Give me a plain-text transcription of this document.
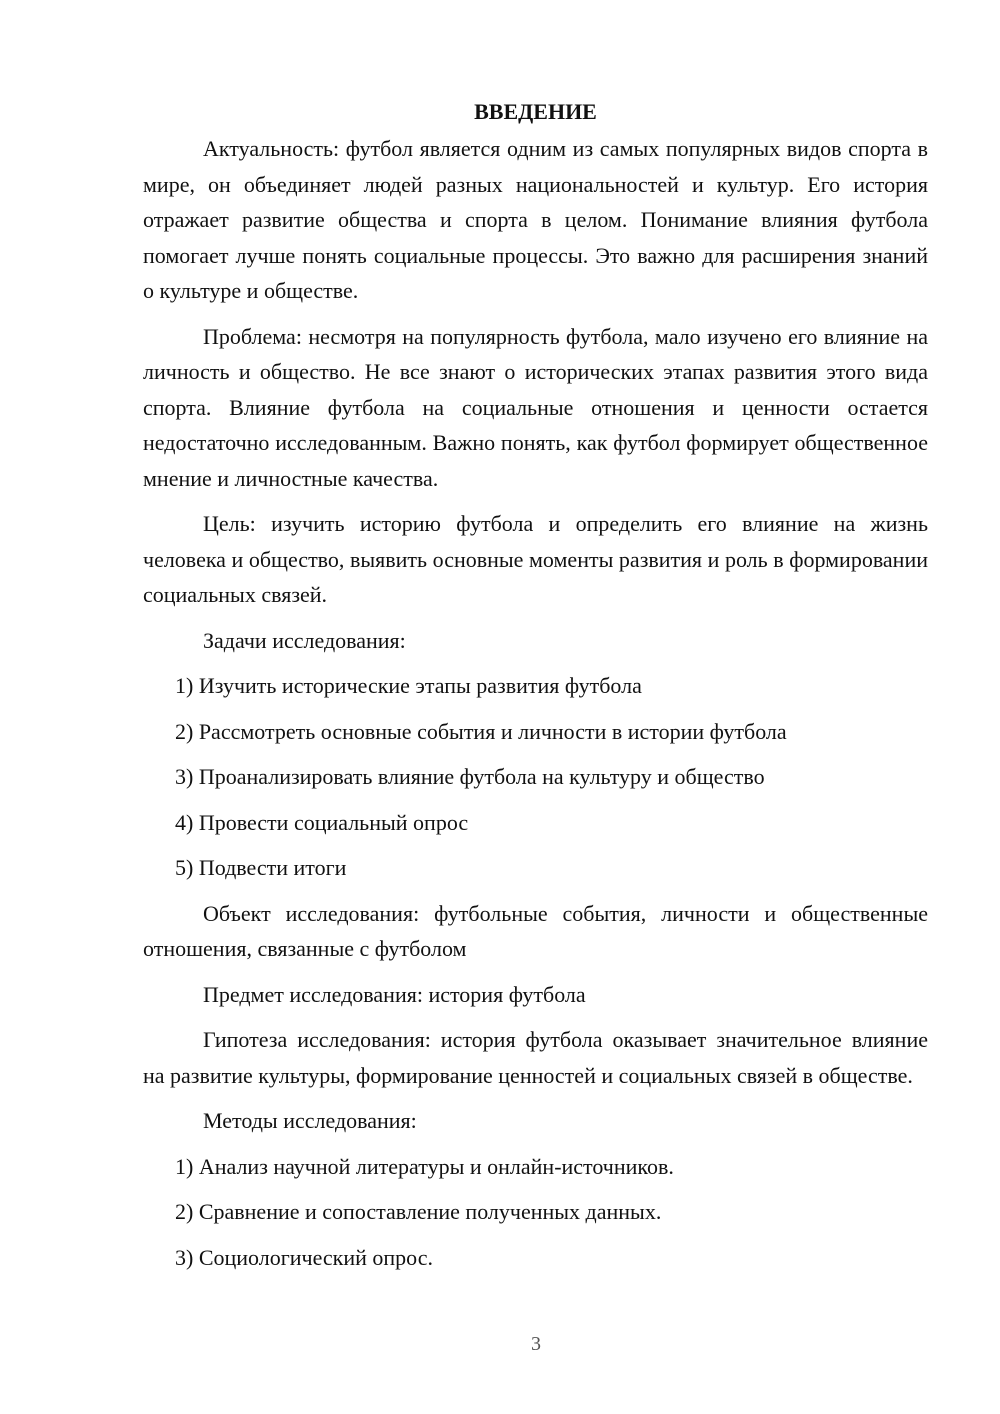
ВВЕДЕНИЕ

Актуальность: футбол является одним из самых популярных видов спорта в мире, он объединяет людей разных национальностей и культур. Его история отражает развитие общества и спорта в целом. Понимание влияния футбола помогает лучше понять социальные процессы. Это важно для расширения знаний о культуре и обществе.

Проблема: несмотря на популярность футбола, мало изучено его влияние на личность и общество. Не все знают о исторических этапах развития этого вида спорта. Влияние футбола на социальные отношения и ценности остается недостаточно исследованным. Важно понять, как футбол формирует общественное мнение и личностные качества.

Цель: изучить историю футбола и определить его влияние на жизнь человека и общество, выявить основные моменты развития и роль в формировании социальных связей.

Задачи исследования:

1) Изучить исторические этапы развития футбола

2) Рассмотреть основные события и личности в истории футбола

3) Проанализировать влияние футбола на культуру и общество

4) Провести социальный опрос

5) Подвести итоги

Объект исследования: футбольные события, личности и общественные отношения, связанные с футболом

Предмет исследования: история футбола

Гипотеза исследования: история футбола оказывает значительное влияние на развитие культуры, формирование ценностей и социальных связей в обществе.

Методы исследования:

1) Анализ научной литературы и онлайн-источников.

2) Сравнение и сопоставление полученных данных.

3) Социологический опрос.

3
